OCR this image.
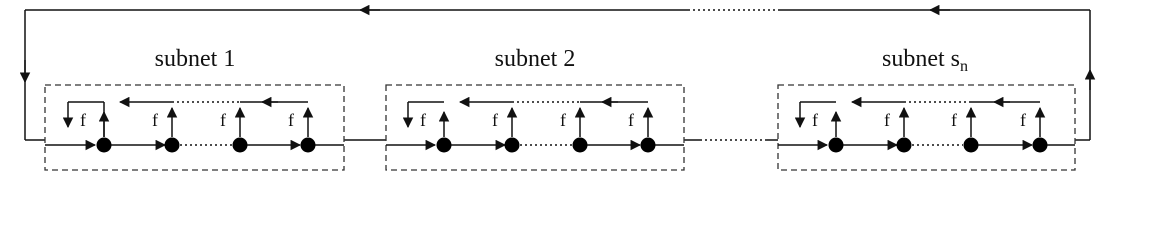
subnet 1
f	f	f	f
subnet 2
f	f	f	f
subnet $s_n$
f	f	f	f
